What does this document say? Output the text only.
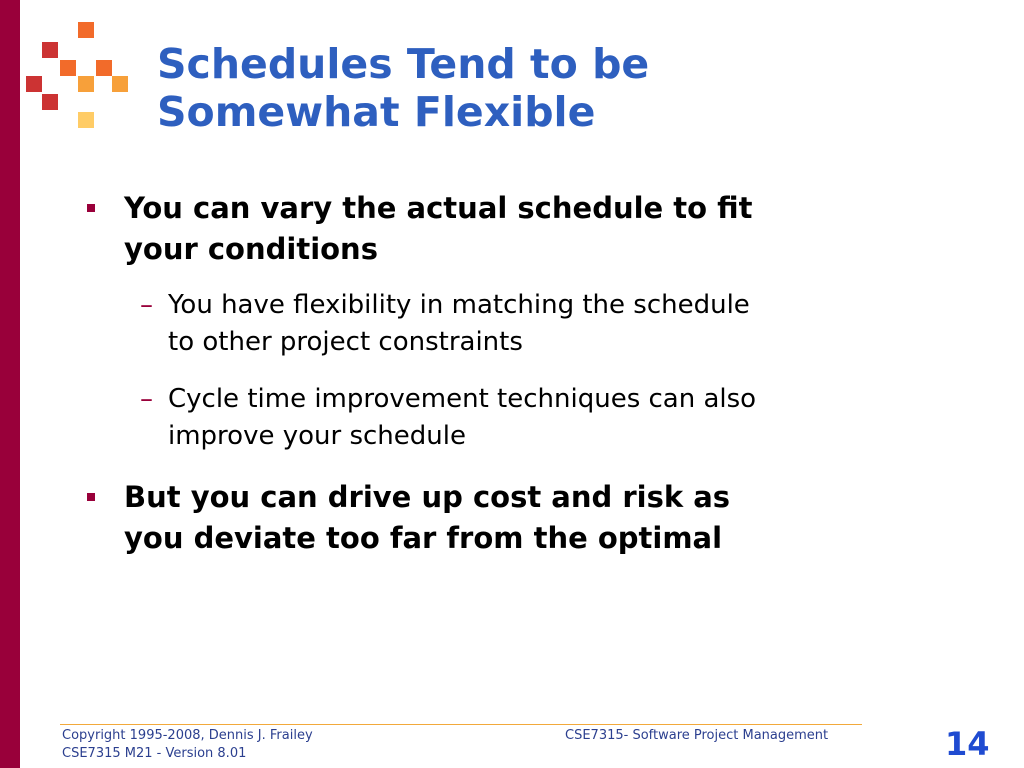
Schedules Tend to be
Somewhat Flexible
You can vary the actual schedule to fit
your conditions
– You have flexibility in matching the schedule
to other project constraints
– Cycle time improvement techniques can also
improve your schedule
But you can drive up cost and risk as
you deviate too far from the optimal
Copyright 1995-2008, Dennis J. Frailey
CSE7315 M21 - Version 8.01
CSE7315- Software Project Management	14
